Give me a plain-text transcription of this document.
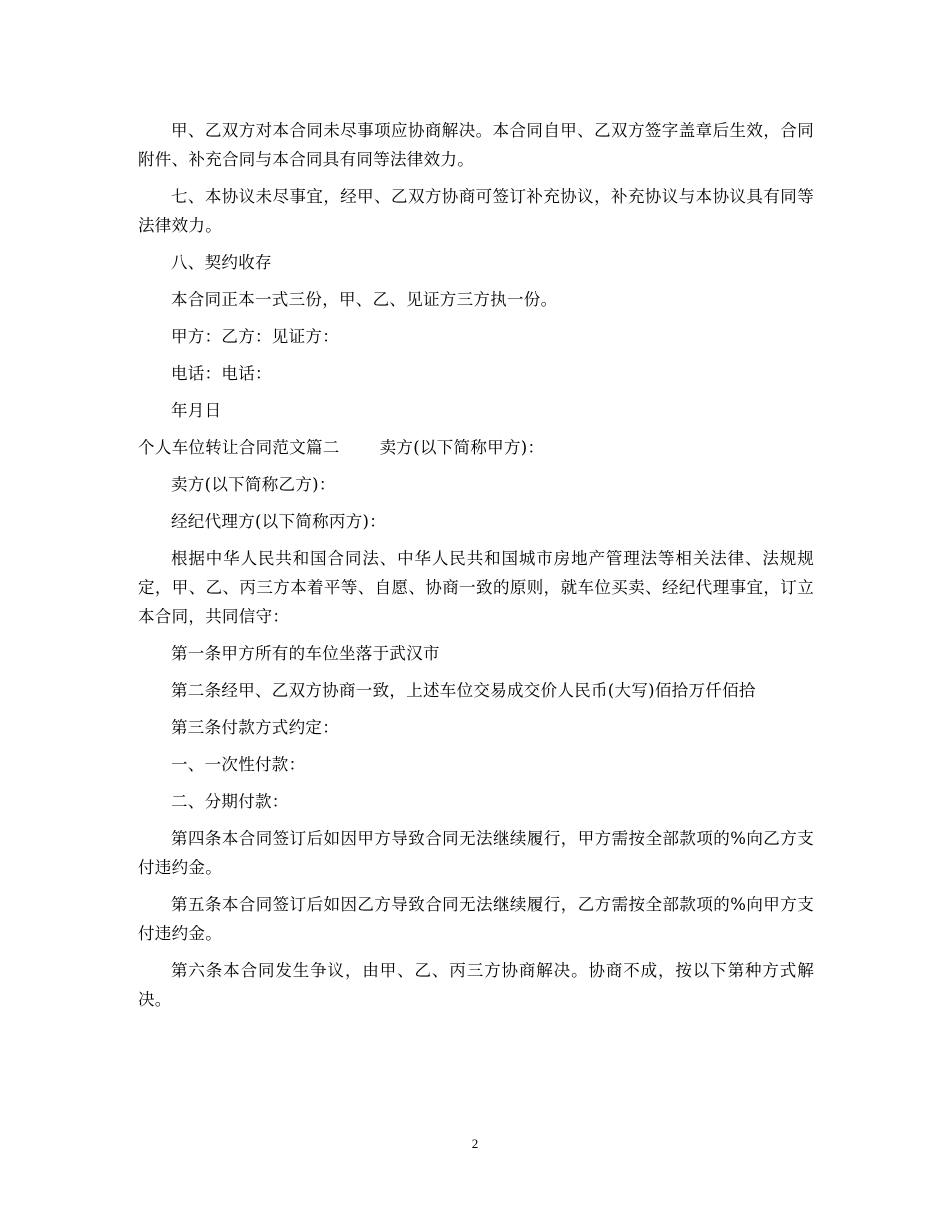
甲、乙双方对本合同未尽事项应协商解决。本合同自甲、乙双方签字盖章后生效，合同附件、补充合同与本合同具有同等法律效力。

七、本协议未尽事宜，经甲、乙双方协商可签订补充协议，补充协议与本协议具有同等法律效力。

八、契约收存

本合同正本一式三份，甲、乙、见证方三方执一份。

甲方：乙方：见证方：

电话：电话：

年月日

个人车位转让合同范文篇二 卖方(以下简称甲方)：

卖方(以下简称乙方)：

经纪代理方(以下简称丙方)：

根据中华人民共和国合同法、中华人民共和国城市房地产管理法等相关法律、法规规定，甲、乙、丙三方本着平等、自愿、协商一致的原则，就车位买卖、经纪代理事宜，订立本合同，共同信守：

第一条甲方所有的车位坐落于武汉市

第二条经甲、乙双方协商一致，上述车位交易成交价人民币(大写)佰拾万仟佰拾

第三条付款方式约定：

一、一次性付款：

二、分期付款：

第四条本合同签订后如因甲方导致合同无法继续履行，甲方需按全部款项的%向乙方支付违约金。

第五条本合同签订后如因乙方导致合同无法继续履行，乙方需按全部款项的%向甲方支付违约金。

第六条本合同发生争议，由甲、乙、丙三方协商解决。协商不成，按以下第种方式解决。

2
